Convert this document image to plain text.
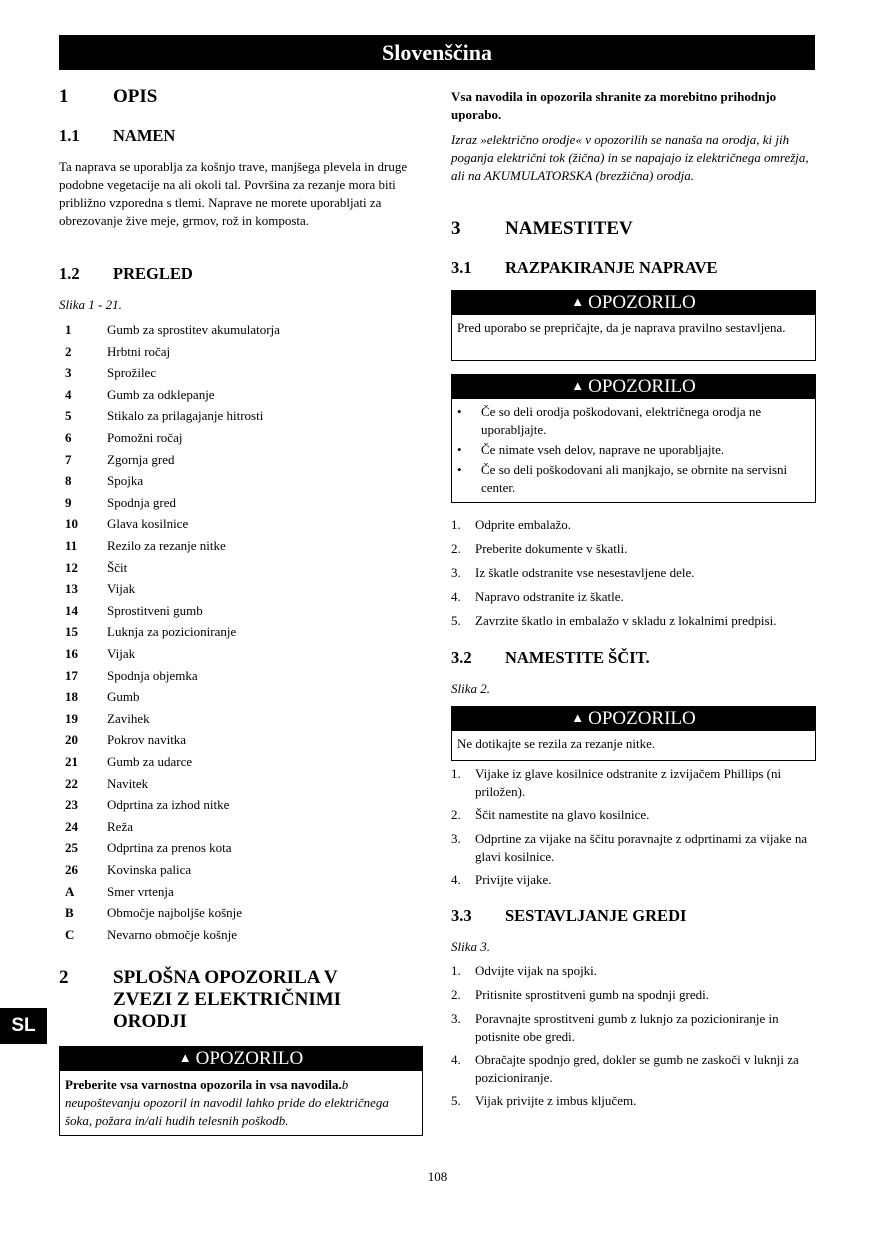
Slovenščina
1 OPIS
1.1 NAMEN
Ta naprava se uporablja za košnjo trave, manjšega plevela in druge podobne vegetacije na ali okoli tal. Površina za rezanje mora biti približno vzporedna s tlemi. Naprave ne morete uporabljati za obrezovanje žive meje, grmov, rož in komposta.
1.2 PREGLED
Slika 1 - 21.
1	Gumb za sprostitev akumulatorja
2	Hrbtni ročaj
3	Sprožilec
4	Gumb za odklepanje
5	Stikalo za prilagajanje hitrosti
6	Pomožni ročaj
7	Zgornja gred
8	Spojka
9	Spodnja gred
10 Glava kosilnice
11 Rezilo za rezanje nitke
12 Ščit
13 Vijak
14 Sprostitveni gumb
15 Luknja za pozicioniranje
16 Vijak
17 Spodnja objemka
18 Gumb
19 Zavihek
20 Pokrov navitka
21 Gumb za udarce
22 Navitek
23 Odprtina za izhod nitke
24 Reža
25 Odprtina za prenos kota
26 Kovinska palica
A	Smer vrtenja
B	Območje najboljše košnje
C	Nevarno območje košnje
2 SPLOŠNA OPOZORILA V
ZVEZI Z ELEKTRIČNIMI
ORODJI
▲ OPOZORILO
Preberite vsa varnostna opozorila in vsa navodila.b neupoštevanju opozoril in navodil lahko pride do električnega šoka, požara in/ali hudih telesnih poškodb.
Vsa navodila in opozorila shranite za morebitno prihodnjo uporabo.
Izraz »električno orodje« v opozorilih se nanaša na orodja, ki jih poganja električni tok (žična) in se napajajo iz električnega omrežja, ali na AKUMULATORSKA (brezžična) orodja.
3 NAMESTITEV
3.1 RAZPAKIRANJE NAPRAVE
▲ OPOZORILO
Pred uporabo se prepričajte, da je naprava pravilno sestavljena.
▲ OPOZORILO
• Če so deli orodja poškodovani, električnega orodja ne uporabljajte.
• Če nimate vseh delov, naprave ne uporabljajte.
• Če so deli poškodovani ali manjkajo, se obrnite na servisni center.
1. Odprite embalažo.
2. Preberite dokumente v škatli.
3. Iz škatle odstranite vse nesestavljene dele.
4. Napravo odstranite iz škatle.
5. Zavrzite škatlo in embalažo v skladu z lokalnimi predpisi.
3.2 NAMESTITE ŠČIT.
Slika 2.
▲ OPOZORILO
Ne dotikajte se rezila za rezanje nitke.
1. Vijake iz glave kosilnice odstranite z izvijačem Phillips (ni priložen).
2. Ščit namestite na glavo kosilnice.
3. Odprtine za vijake na ščitu poravnajte z odprtinami za vijake na glavi kosilnice.
4. Privijte vijake.
3.3 SESTAVLJANJE GREDI
Slika 3.
1. Odvijte vijak na spojki.
2. Pritisnite sprostitveni gumb na spodnji gredi.
3. Poravnajte sprostitveni gumb z luknjo za pozicioniranje in potisnite obe gredi.
4. Obračajte spodnjo gred, dokler se gumb ne zaskoči v luknji za pozicioniranje.
5. Vijak privijte z imbus ključem.
SL
108
